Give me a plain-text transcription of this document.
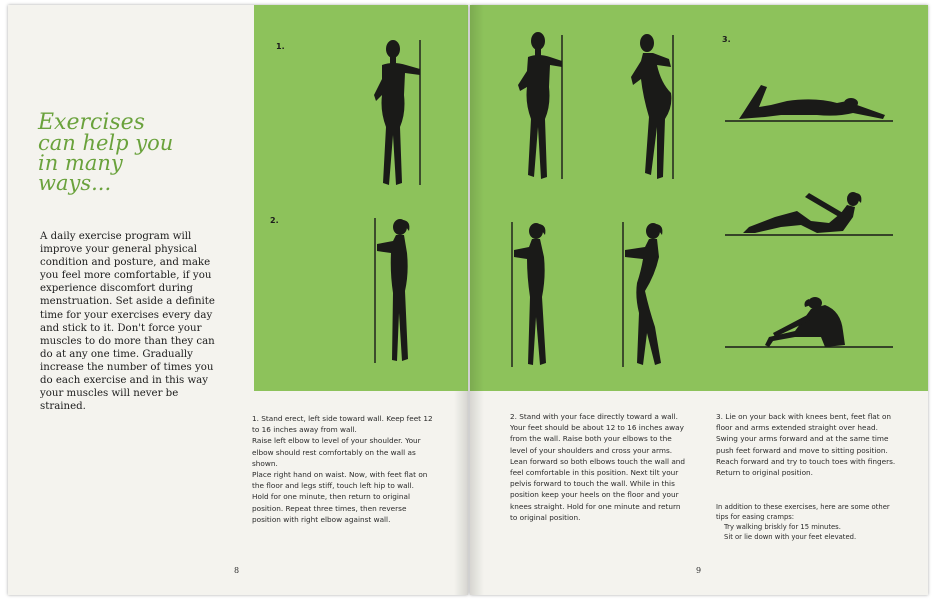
Exercises
can help you
in many
ways...
A daily exercise program will improve your general physical condition and posture, and make you feel more comfortable, if you experience discomfort during menstruation. Set aside a definite time for your exercises every day and stick to it. Don't force your muscles to do more than they can do at any one time. Gradually increase the number of times you do each exercise and in this way your muscles will never be strained.
1.
2.

1. Stand erect, left side toward wall. Keep feet 12 to 16 inches away from wall.

Raise left elbow to level of your shoulder. Your elbow should rest comfortably on the wall as shown.

Place right hand on waist. Now, with feet flat on the floor and legs stiff, touch left hip to wall.

Hold for one minute, then return to original position. Repeat three times, then reverse position with right elbow against wall.

8
3.

2. Stand with your face directly toward a wall. Your feet should be about 12 to 16 inches away from the wall. Raise both your elbows to the level of your shoulders and cross your arms. Lean forward so both elbows touch the wall and feel comfortable in this position. Next tilt your pelvis forward to touch the wall. While in this position keep your heels on the floor and your knees straight. Hold for one minute and return to original position.

3. Lie on your back with knees bent, feet flat on floor and arms extended straight over head. Swing your arms forward and at the same time push feet forward and move to sitting position. Reach forward and try to touch toes with fingers. Return to original position.

In addition to these exercises, here are some other tips for easing cramps:

Try walking briskly for 15 minutes.

Sit or lie down with your feet elevated.

9
